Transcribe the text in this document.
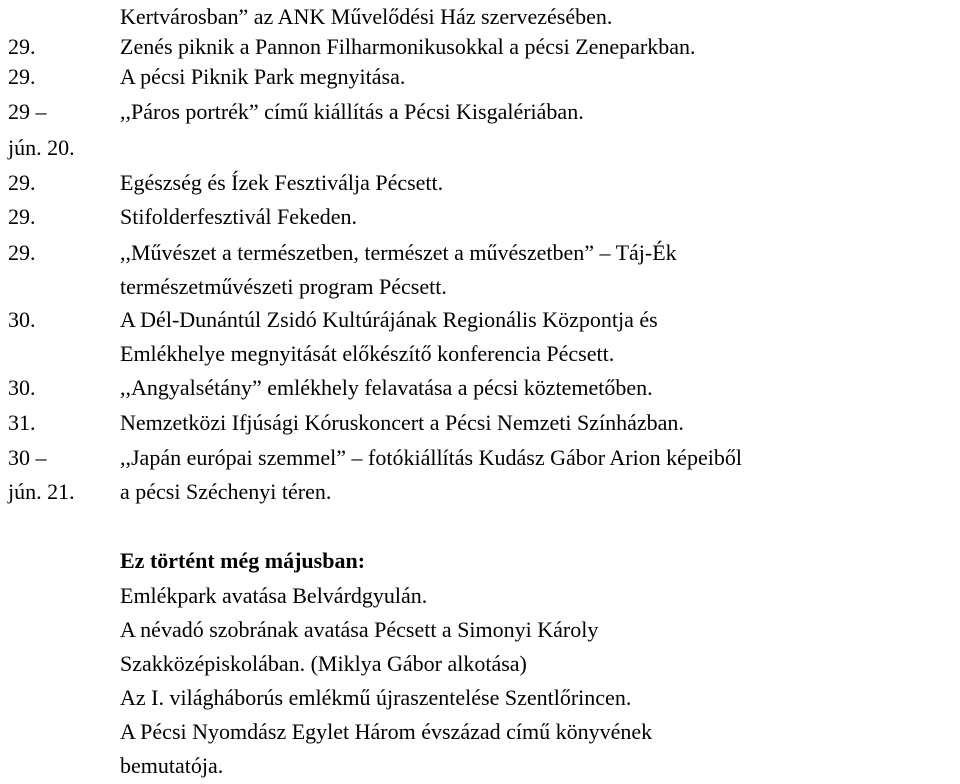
Kertvárosban” az ANK Művelődési Ház szervezésében.
29.	Zenés piknik a Pannon Filharmonikusokkal a pécsi Zeneparkban.
29.	A pécsi Piknik Park megnyitása.
29 –	,,Páros portrék” című kiállítás a Pécsi Kisgalériában.
jún. 20.
29.	Egészség és Ízek Fesztiválja Pécsett.
29.	Stifolderfesztivál Fekeden.
29.	,,Művészet a természetben, természet a művészetben” – Táj-Ék
természetművészeti program Pécsett.
30.	A Dél-Dunántúl Zsidó Kultúrájának Regionális Központja és
Emlékhelye megnyitását előkészítő konferencia Pécsett.
30.	,,Angyalsétány” emlékhely felavatása a pécsi köztemetőben.
31.	Nemzetközi Ifjúsági Kóruskoncert a Pécsi Nemzeti Színházban.
30 –	,,Japán európai szemmel” – fotókiállítás Kudász Gábor Arion képeiből
jún. 21. a pécsi Széchenyi téren.
Ez történt még májusban:
Emlékpark avatása Belvárdgyulán.
A névadó szobrának avatása Pécsett a Simonyi Károly
Szakközépiskolában. (Miklya Gábor alkotása)
Az I. világháborús emlékmű újraszentelése Szentlőrincen.
A Pécsi Nyomdász Egylet Három évszázad című könyvének
bemutatója.
